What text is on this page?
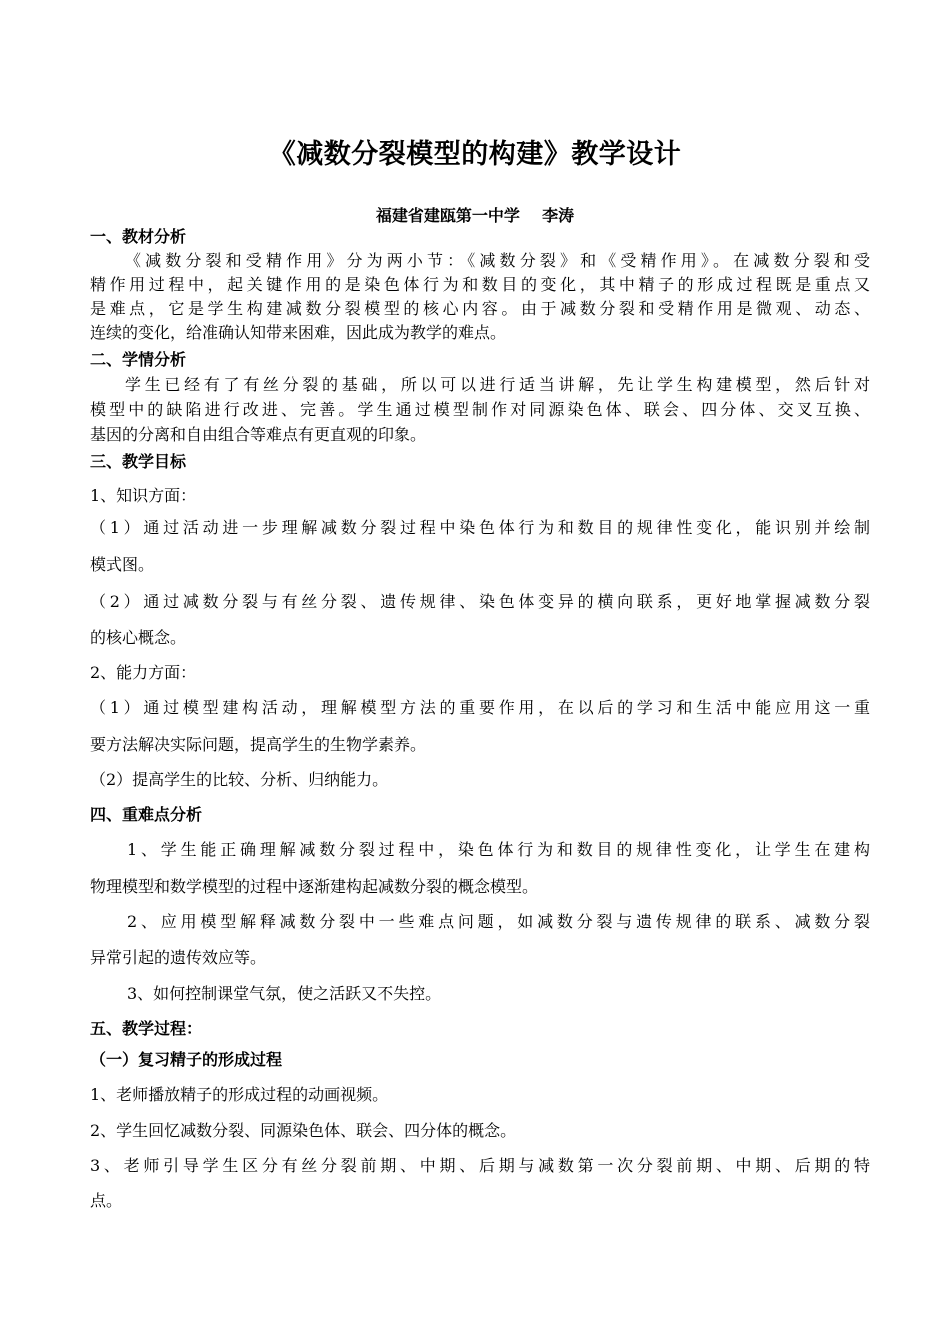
《减数分裂模型的构建》教学设计
福建省建瓯第一中学    李涛
一、教材分析
《减数分裂和受精作用》分为两小节：《减数分裂》和《受精作用》。在减数分裂和受
精作用过程中，起关键作用的是染色体行为和数目的变化，其中精子的形成过程既是重点又
是难点，它是学生构建减数分裂模型的核心内容。由于减数分裂和受精作用是微观、动态、
连续的变化，给准确认知带来困难，因此成为教学的难点。
二、学情分析
学生已经有了有丝分裂的基础，所以可以进行适当讲解，先让学生构建模型，然后针对
模型中的缺陷进行改进、完善。学生通过模型制作对同源染色体、联会、四分体、交叉互换、
基因的分离和自由组合等难点有更直观的印象。
三、教学目标
1、知识方面：
（1）通过活动进一步理解减数分裂过程中染色体行为和数目的规律性变化，能识别并绘制
模式图。
（2）通过减数分裂与有丝分裂、遗传规律、染色体变异的横向联系，更好地掌握减数分裂
的核心概念。
2、能力方面：
（1）通过模型建构活动，理解模型方法的重要作用，在以后的学习和生活中能应用这一重
要方法解决实际问题，提高学生的生物学素养。
（2）提高学生的比较、分析、归纳能力。
四、重难点分析
1、学生能正确理解减数分裂过程中，染色体行为和数目的规律性变化，让学生在建构
物理模型和数学模型的过程中逐渐建构起减数分裂的概念模型。
2、应用模型解释减数分裂中一些难点问题，如减数分裂与遗传规律的联系、减数分裂
异常引起的遗传效应等。
3、如何控制课堂气氛，使之活跃又不失控。
五、教学过程：
（一）复习精子的形成过程
1、老师播放精子的形成过程的动画视频。
2、学生回忆减数分裂、同源染色体、联会、四分体的概念。
3、老师引导学生区分有丝分裂前期、中期、后期与减数第一次分裂前期、中期、后期的特
点。
